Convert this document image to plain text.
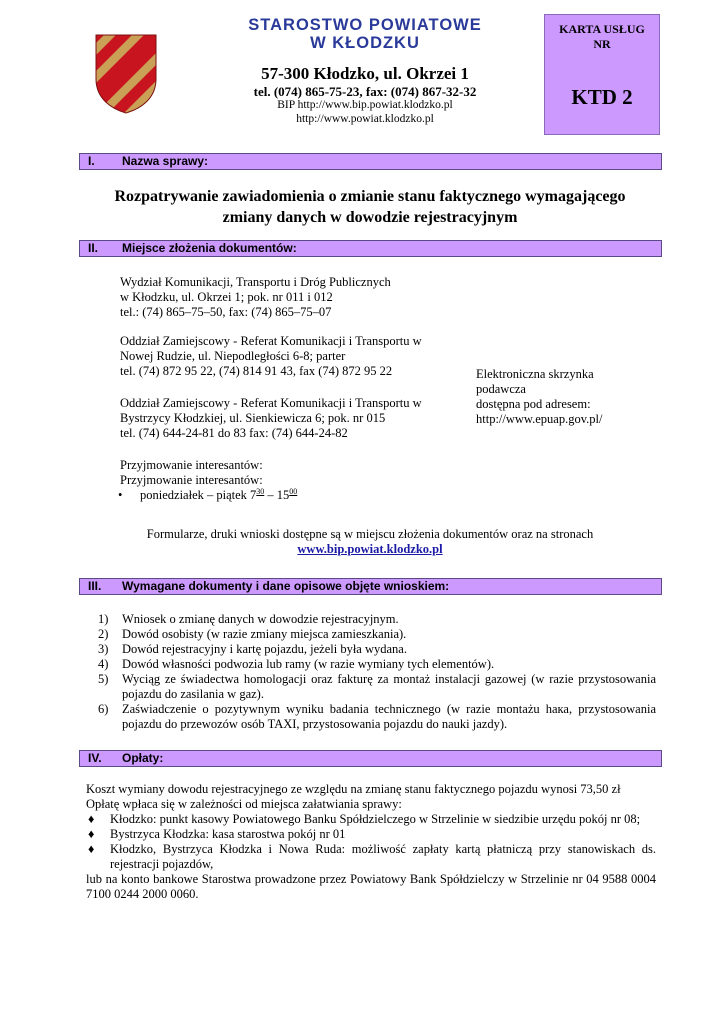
STAROSTWO POWIATOWE
W KŁODZKU
57-300 Kłodzko, ul. Okrzei 1
tel. (074) 865-75-23, fax: (074) 867-32-32
BIP http://www.bip.powiat.klodzko.pl
http://www.powiat.klodzko.pl
KARTA USŁUG
NR
KTD 2
I. Nazwa sprawy:
Rozpatrywanie zawiadomienia o zmianie stanu faktycznego wymagającego
zmiany danych w dowodzie rejestracyjnym
II. Miejsce złożenia dokumentów:
Wydział Komunikacji, Transportu i Dróg Publicznych
w Kłodzku, ul. Okrzei 1; pok. nr 011 i 012
tel.: (74) 865–75–50, fax: (74) 865–75–07
Oddział Zamiejscowy - Referat Komunikacji i Transportu w
Nowej Rudzie, ul. Niepodległości 6-8; parter
tel. (74) 872 95 22, (74) 814 91 43, fax (74) 872 95 22
Oddział Zamiejscowy - Referat Komunikacji i Transportu w
Bystrzycy Kłodzkiej, ul. Sienkiewicza 6; pok. nr 015
tel. (74) 644-24-81 do 83 fax: (74) 644-24-82
Elektroniczna skrzynka
podawcza
dostępna pod adresem:
http://www.epuap.gov.pl/
Przyjmowanie interesantów:
Przyjmowanie interesantów:
• poniedziałek – piątek $7^{30} - 15^{00}$
Formularze, druki wnioski dostępne są w miejscu złożenia dokumentów oraz na stronach
www.bip.powiat.klodzko.pl
III. Wymagane dokumenty i dane opisowe objęte wnioskiem:
1)	Wniosek o zmianę danych w dowodzie rejestracyjnym.
2)	Dowód osobisty (w razie zmiany miejsca zamieszkania).
3)	Dowód rejestracyjny i kartę pojazdu, jeżeli była wydana.
4)	Dowód własności podwozia lub ramy (w razie wymiany tych elementów).
5)	Wyciąg ze świadectwa homologacji oraz fakturę za montaż instalacji gazowej (w razie przystosowania pojazdu do zasilania w gaz).
6)	Zaświadczenie o pozytywnym wyniku badania technicznego (w razie montażu hака, przystosowania pojazdu do przewozów osób TAXI, przystosowania pojazdu do nauki jazdy).
IV. Opłaty:
Koszt wymiany dowodu rejestracyjnego ze względu na zmianę stanu faktycznego pojazdu wynosi 73,50 zł
Opłatę wpłaca się w zależności od miejsca załatwiania sprawy:
♦	Kłodzko: punkt kasowy Powiatowego Banku Spółdzielczego w Strzelinie w siedzibie urzędu pokój nr 08;
♦	Bystrzyca Kłodzka: kasa starostwa pokój nr 01
♦	Kłodzko, Bystrzyca Kłodzka i Nowa Ruda: możliwość zapłaty kartą płatniczą przy stanowiskach ds. rejestracji pojazdów,
lub na konto bankowe Starostwa prowadzone przez Powiatowy Bank Spółdzielczy w Strzelinie nr 04 9588 0004 7100 0244 2000 0060.
